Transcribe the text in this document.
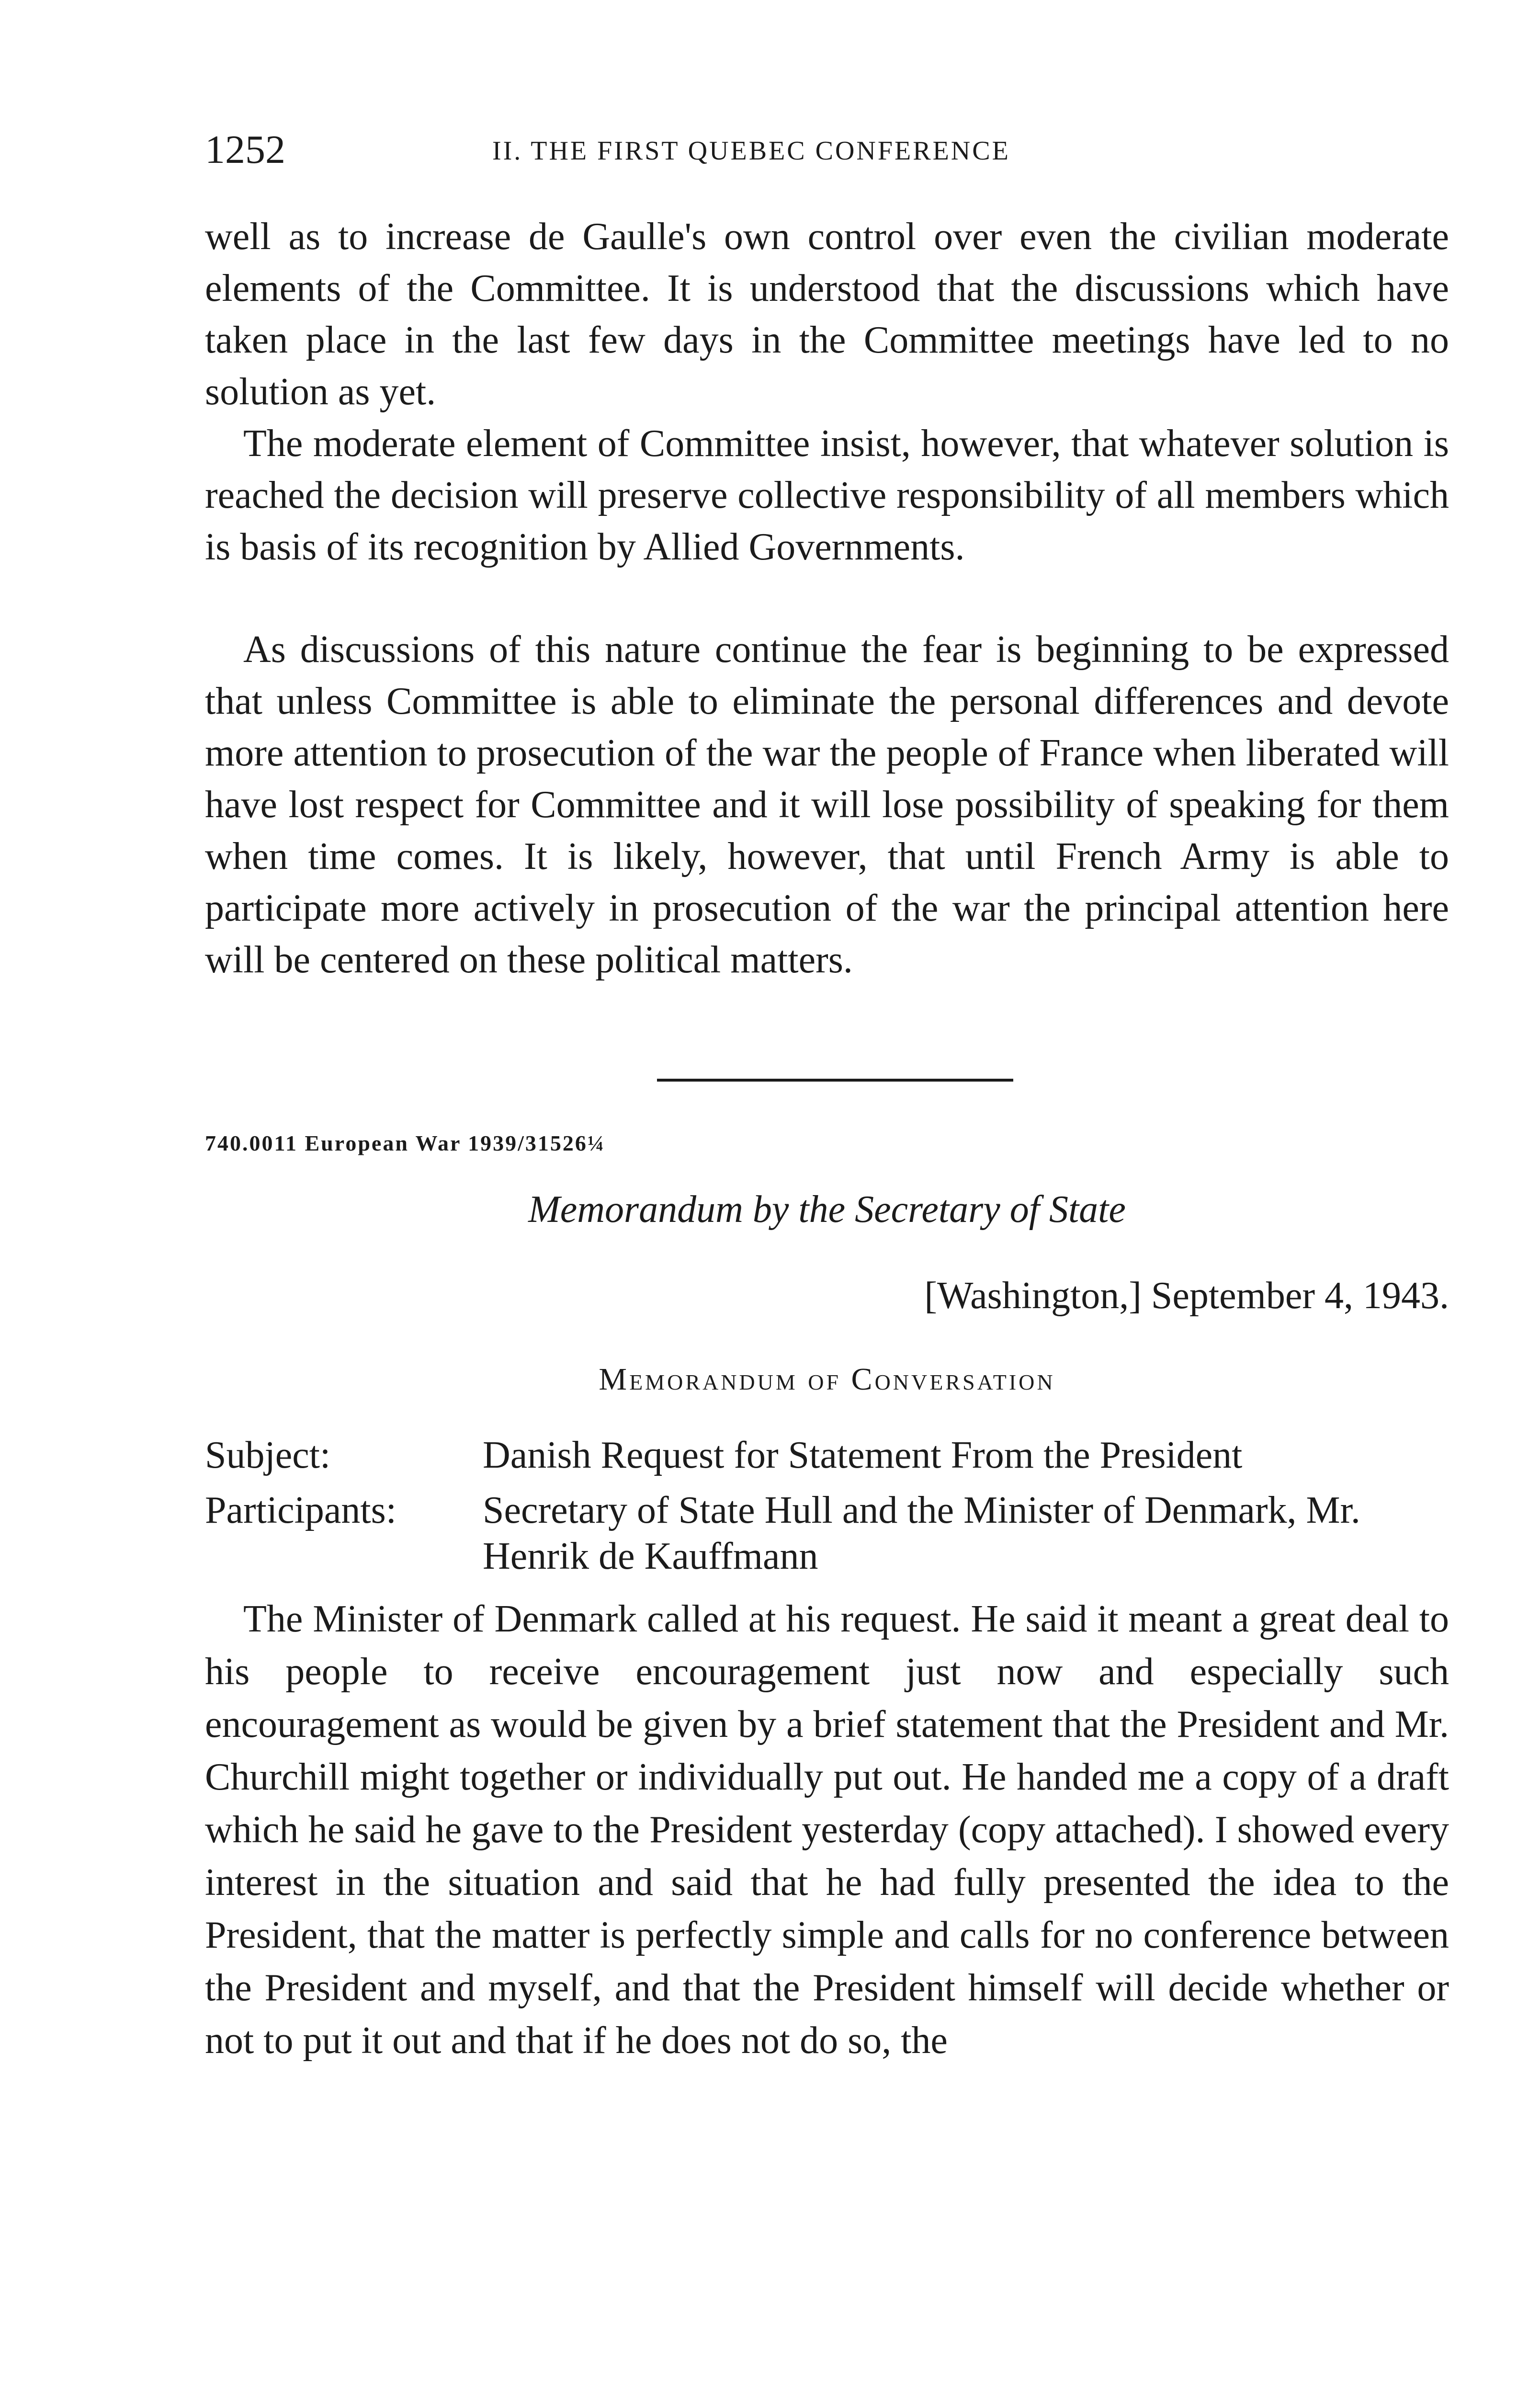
1252	II. THE FIRST QUEBEC CONFERENCE

well as to increase de Gaulle's own control over even the civilian moderate elements of the Committee. It is understood that the discussions which have taken place in the last few days in the Committee meetings have led to no solution as yet.

The moderate element of Committee insist, however, that whatever solution is reached the decision will preserve collective responsibility of all members which is basis of its recognition by Allied Governments.

As discussions of this nature continue the fear is beginning to be expressed that unless Committee is able to eliminate the personal differences and devote more attention to prosecution of the war the people of France when liberated will have lost respect for Committee and it will lose possibility of speaking for them when time comes. It is likely, however, that until French Army is able to participate more actively in prosecution of the war the principal attention here will be centered on these political matters.

740.0011 European War 1939/31526¼
Memorandum by the Secretary of State
[Washington,] September 4, 1943.
Memorandum of Conversation
Subject:	Danish Request for Statement From the President
Participants: Secretary of State Hull and the Minister of Denmark, Mr. Henrik de Kauffmann

The Minister of Denmark called at his request. He said it meant a great deal to his people to receive encouragement just now and especially such encouragement as would be given by a brief statement that the President and Mr. Churchill might together or individually put out. He handed me a copy of a draft which he said he gave to the President yesterday (copy attached). I showed every interest in the situation and said that he had fully presented the idea to the President, that the matter is perfectly simple and calls for no conference between the President and myself, and that the President himself will decide whether or not to put it out and that if he does not do so, the
